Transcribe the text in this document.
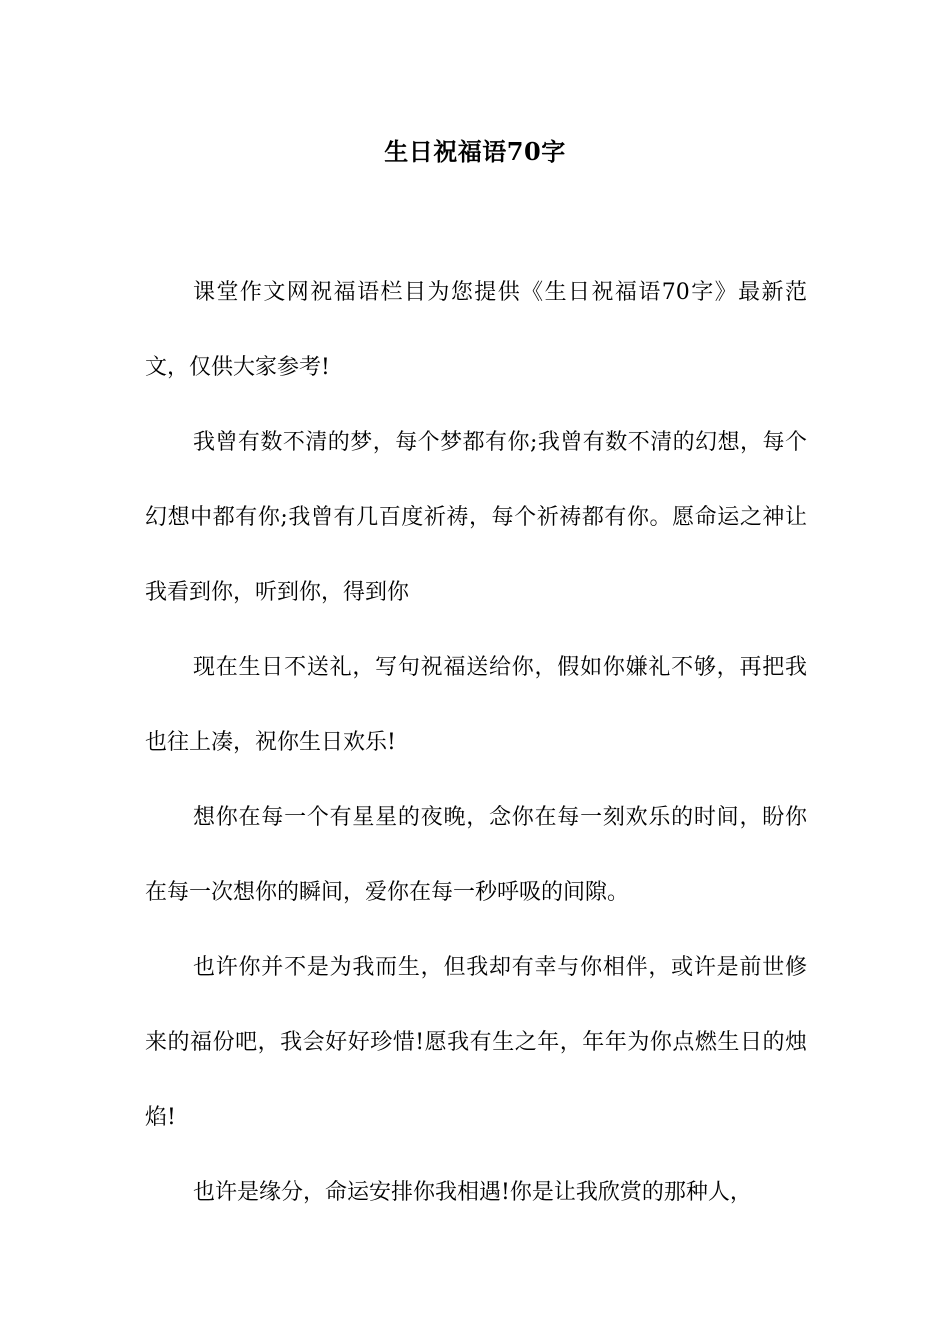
生日祝福语70字

课堂作文网祝福语栏目为您提供《生日祝福语70字》最新范文，仅供大家参考!

我曾有数不清的梦，每个梦都有你;我曾有数不清的幻想，每个幻想中都有你;我曾有几百度祈祷，每个祈祷都有你。愿命运之神让我看到你，听到你，得到你

现在生日不送礼，写句祝福送给你，假如你嫌礼不够，再把我也往上凑，祝你生日欢乐!

想你在每一个有星星的夜晚，念你在每一刻欢乐的时间，盼你在每一次想你的瞬间，爱你在每一秒呼吸的间隙。

也许你并不是为我而生，但我却有幸与你相伴，或许是前世修来的福份吧，我会好好珍惜!愿我有生之年，年年为你点燃生日的烛焰!

也许是缘分，命运安排你我相遇!你是让我欣赏的那种人，
